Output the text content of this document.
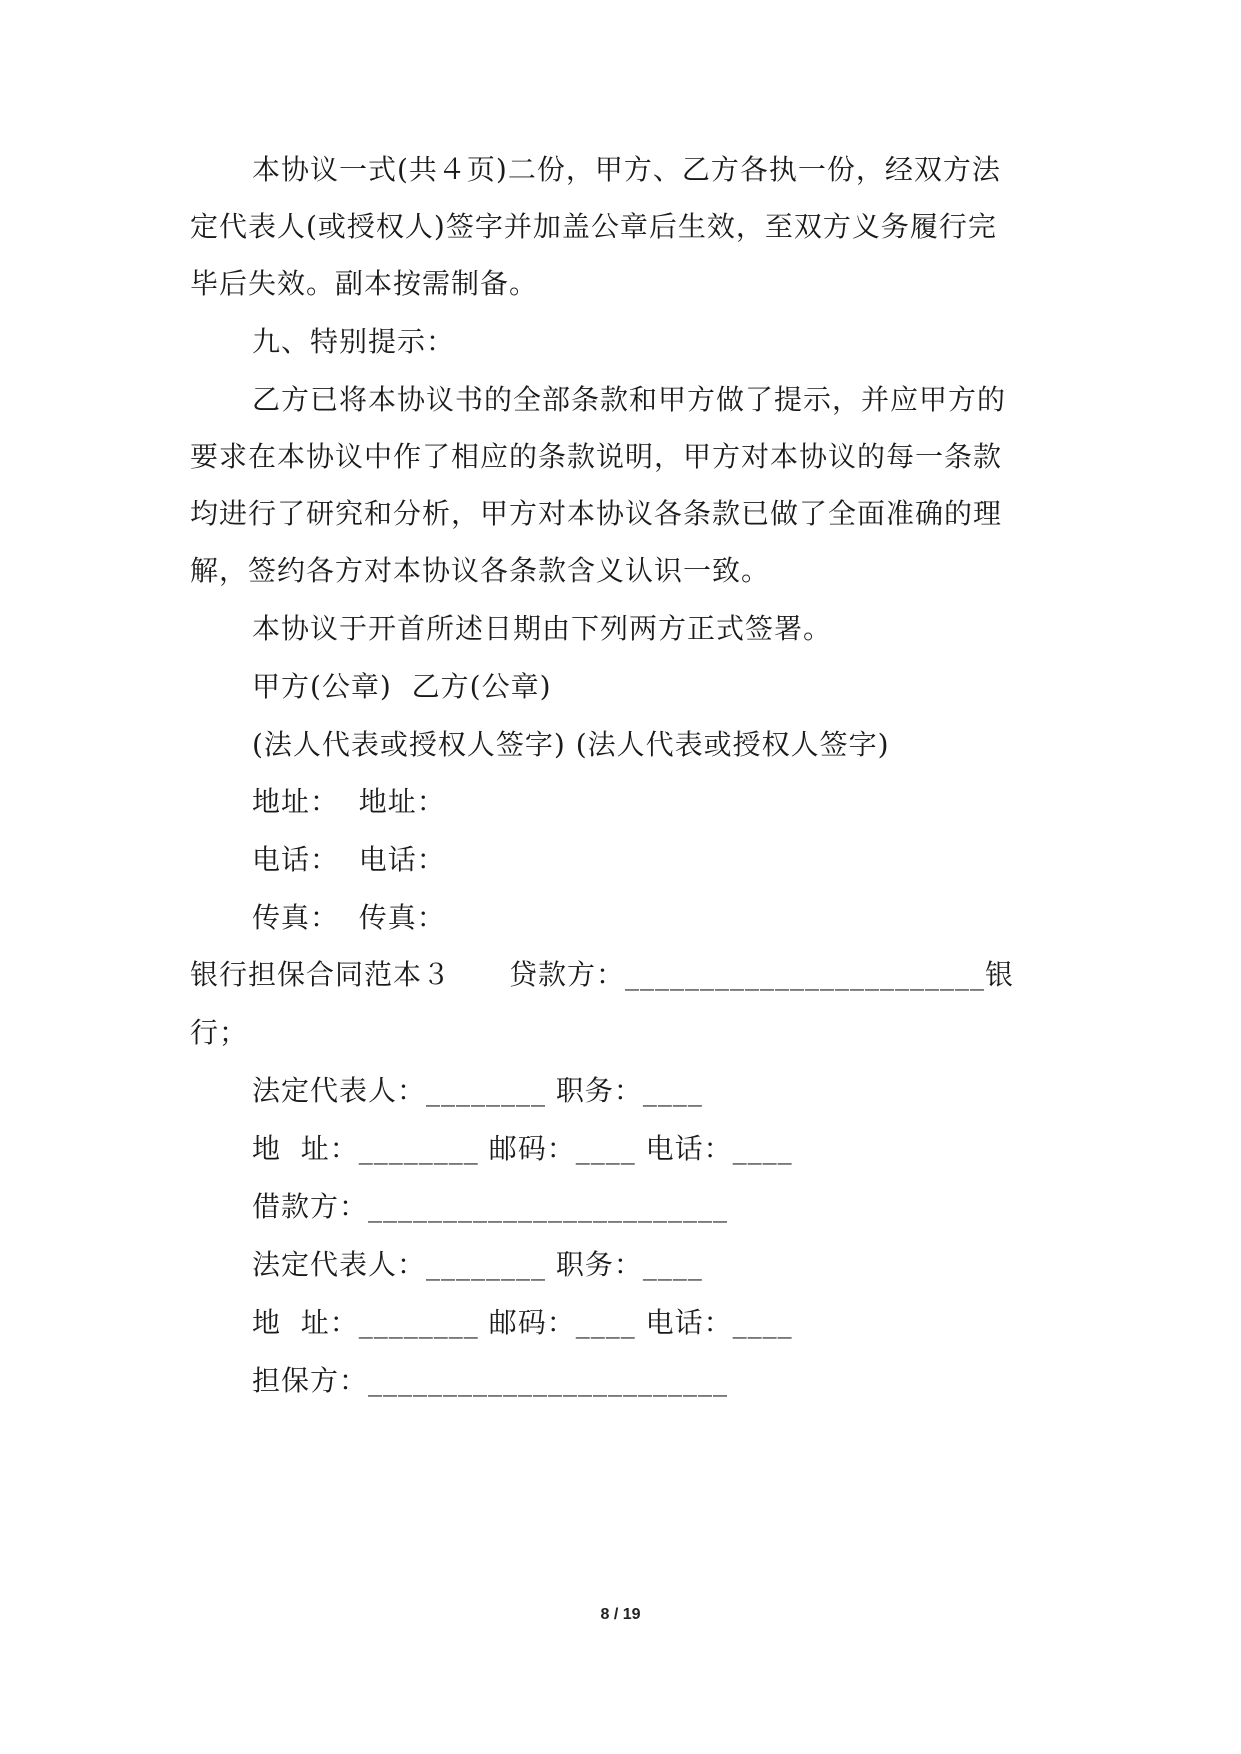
本协议一式(共４页)二份，甲方、乙方各执一份，经双方法
定代表人(或授权人)签字并加盖公章后生效，至双方义务履行完
毕后失效。副本按需制备。
九、特别提示：
乙方已将本协议书的全部条款和甲方做了提示，并应甲方的
要求在本协议中作了相应的条款说明，甲方对本协议的每一条款
均进行了研究和分析，甲方对本协议各条款已做了全面准确的理
解，签约各方对本协议各条款含义认识一致。
本协议于开首所述日期由下列两方正式签署。
甲方(公章)  乙方(公章)
(法人代表或授权人签字) (法人代表或授权人签字)
地址：  地址：
电话：  电话：
传真：  传真：
银行担保合同范本３　　贷款方：________________________银
行；
法定代表人：________ 职务：____
地  址：________ 邮码：____ 电话：____
借款方：________________________
法定代表人：________ 职务：____
地  址：________ 邮码：____ 电话：____
担保方：________________________
8 / 19
